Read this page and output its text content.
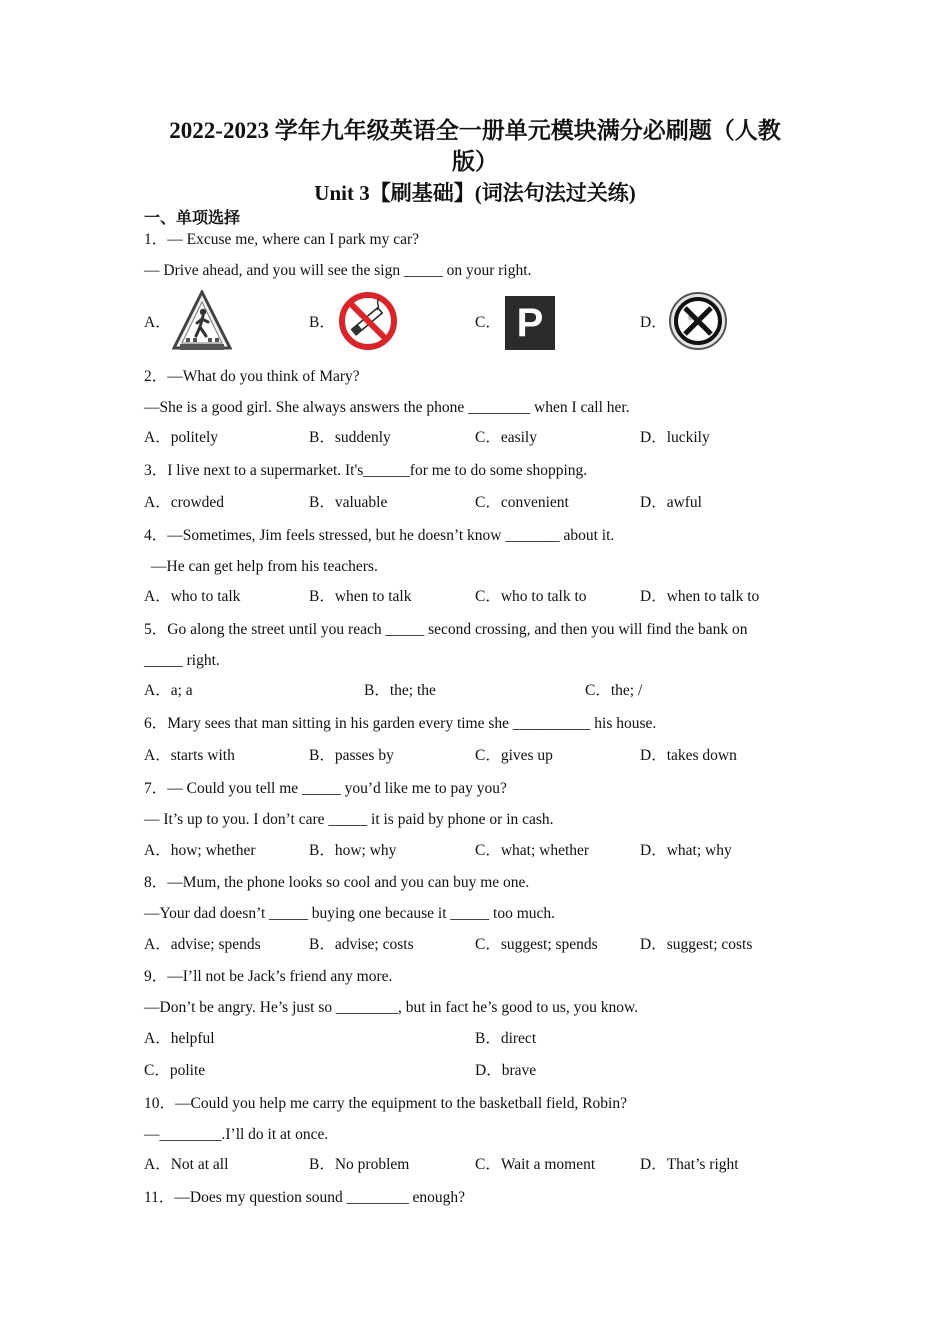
2022-2023 学年九年级英语全一册单元模块满分必刷题（人教
版）
Unit 3【刷基础】(词法句法过关练)
一、单项选择
1．— Excuse me, where can I park my car?
— Drive ahead, and you will see the sign _____ on your right.
A．	B．	C． P	D．	禁行止
2．—What do you think of Mary?
—She is a good girl. She always answers the phone ________ when I call her.
A．politely	B．suddenly	C．easily	D．luckily
3．I live next to a supermarket. It's______for me to do some shopping.
A．crowded	B．valuable	C．convenient	D．awful
4．—Sometimes, Jim feels stressed, but he doesn’t know _______ about it.
—He can get help from his teachers.
A．who to talk	B．when to talk	C．who to talk to	D．when to talk to
5．Go along the street until you reach _____ second crossing, and then you will find the bank on
_____ right.
A．a; a	B．the; the	C．the; /
6．Mary sees that man sitting in his garden every time she __________ his house.
A．starts with	B．passes by	C．gives up	D．takes down
7．— Could you tell me _____ you’d like me to pay you?
— It’s up to you. I don’t care _____ it is paid by phone or in cash.
A．how; whether	B．how; why	C．what; whether	D．what; why
8．—Mum, the phone looks so cool and you can buy me one.
—Your dad doesn’t _____ buying one because it _____ too much.
A．advise; spends	B．advise; costs	C．suggest; spends	D．suggest; costs
9．—I’ll not be Jack’s friend any more.
—Don’t be angry. He’s just so ________, but in fact he’s good to us, you know.
A．helpful	B．direct
C．polite	D．brave
10．—Could you help me carry the equipment to the basketball field, Robin?
—________.I’ll do it at once.
A．Not at all	B．No problem	C．Wait a moment	D．That’s right
11．—Does my question sound ________ enough?
